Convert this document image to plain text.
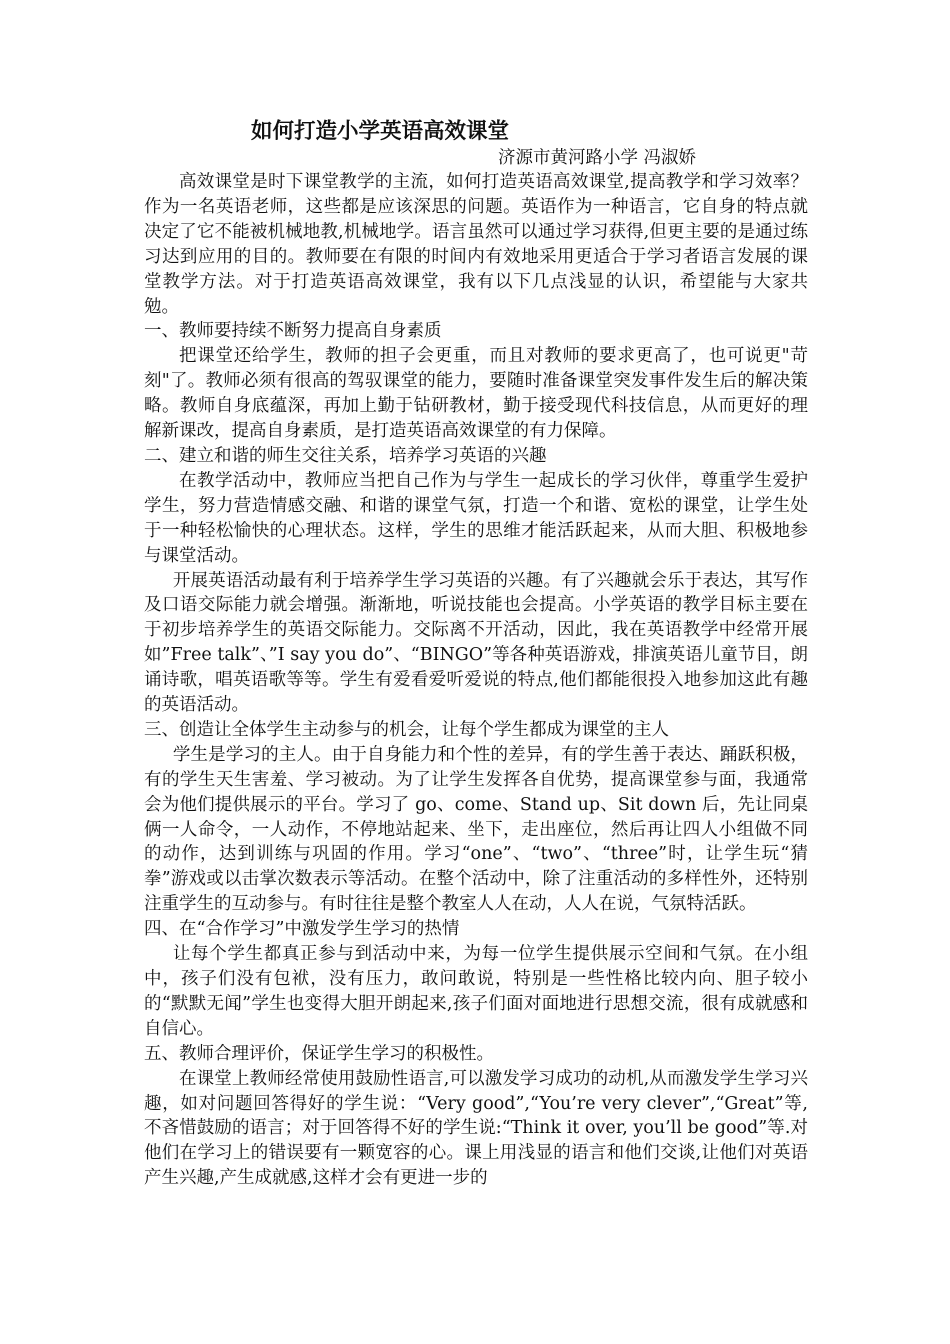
如何打造小学英语高效课堂

济源市黄河路小学 冯淑娇

高效课堂是时下课堂教学的主流，如何打造英语高效课堂,提高教学和学习效率？作为一名英语老师，这些都是应该深思的问题。英语作为一种语言，它自身的特点就决定了它不能被机械地教,机械地学。语言虽然可以通过学习获得,但更主要的是通过练习达到应用的目的。教师要在有限的时间内有效地采用更适合于学习者语言发展的课堂教学方法。对于打造英语高效课堂，我有以下几点浅显的认识，希望能与大家共勉。

一、教师要持续不断努力提高自身素质

把课堂还给学生，教师的担子会更重，而且对教师的要求更高了，也可说更"苛刻"了。教师必须有很高的驾驭课堂的能力，要随时准备课堂突发事件发生后的解决策略。教师自身底蕴深，再加上勤于钻研教材，勤于接受现代科技信息，从而更好的理解新课改，提高自身素质，是打造英语高效课堂的有力保障。

二、建立和谐的师生交往关系，培养学习英语的兴趣

在教学活动中，教师应当把自己作为与学生一起成长的学习伙伴，尊重学生爱护学生，努力营造情感交融、和谐的课堂气氛，打造一个和谐、宽松的课堂，让学生处于一种轻松愉快的心理状态。这样，学生的思维才能活跃起来，从而大胆、积极地参与课堂活动。

开展英语活动最有利于培养学生学习英语的兴趣。有了兴趣就会乐于表达，其写作及口语交际能力就会增强。渐渐地，听说技能也会提高。小学英语的教学目标主要在于初步培养学生的英语交际能力。交际离不开活动，因此，我在英语教学中经常开展如”Free talk”、”I say you do”、“BINGO”等各种英语游戏，排演英语儿童节目，朗诵诗歌，唱英语歌等等。学生有爱看爱听爱说的特点,他们都能很投入地参加这此有趣的英语活动。

三、创造让全体学生主动参与的机会，让每个学生都成为课堂的主人

学生是学习的主人。由于自身能力和个性的差异，有的学生善于表达、踊跃积极，有的学生天生害羞、学习被动。为了让学生发挥各自优势，提高课堂参与面，我通常会为他们提供展示的平台。学习了 go、come、Stand up、Sit down 后，先让同桌俩一人命令，一人动作，不停地站起来、坐下，走出座位，然后再让四人小组做不同的动作，达到训练与巩固的作用。学习“one”、“two”、“three”时，让学生玩“猜拳”游戏或以击掌次数表示等活动。在整个活动中，除了注重活动的多样性外，还特别注重学生的互动参与。有时往往是整个教室人人在动，人人在说，气氛特活跃。

四、在“合作学习”中激发学生学习的热情

让每个学生都真正参与到活动中来，为每一位学生提供展示空间和气氛。在小组中，孩子们没有包袱，没有压力，敢问敢说，特别是一些性格比较内向、胆子较小的“默默无闻”学生也变得大胆开朗起来,孩子们面对面地进行思想交流，很有成就感和自信心。

五、教师合理评价，保证学生学习的积极性。

在课堂上教师经常使用鼓励性语言,可以激发学习成功的动机,从而激发学生学习兴趣，如对问题回答得好的学生说：“Very good”,“You’re very clever”,“Great”等,不吝惜鼓励的语言；对于回答得不好的学生说:“Think it over, you’ll be good”等.对他们在学习上的错误要有一颗宽容的心。课上用浅显的语言和他们交谈,让他们对英语产生兴趣,产生成就感,这样才会有更进一步的
